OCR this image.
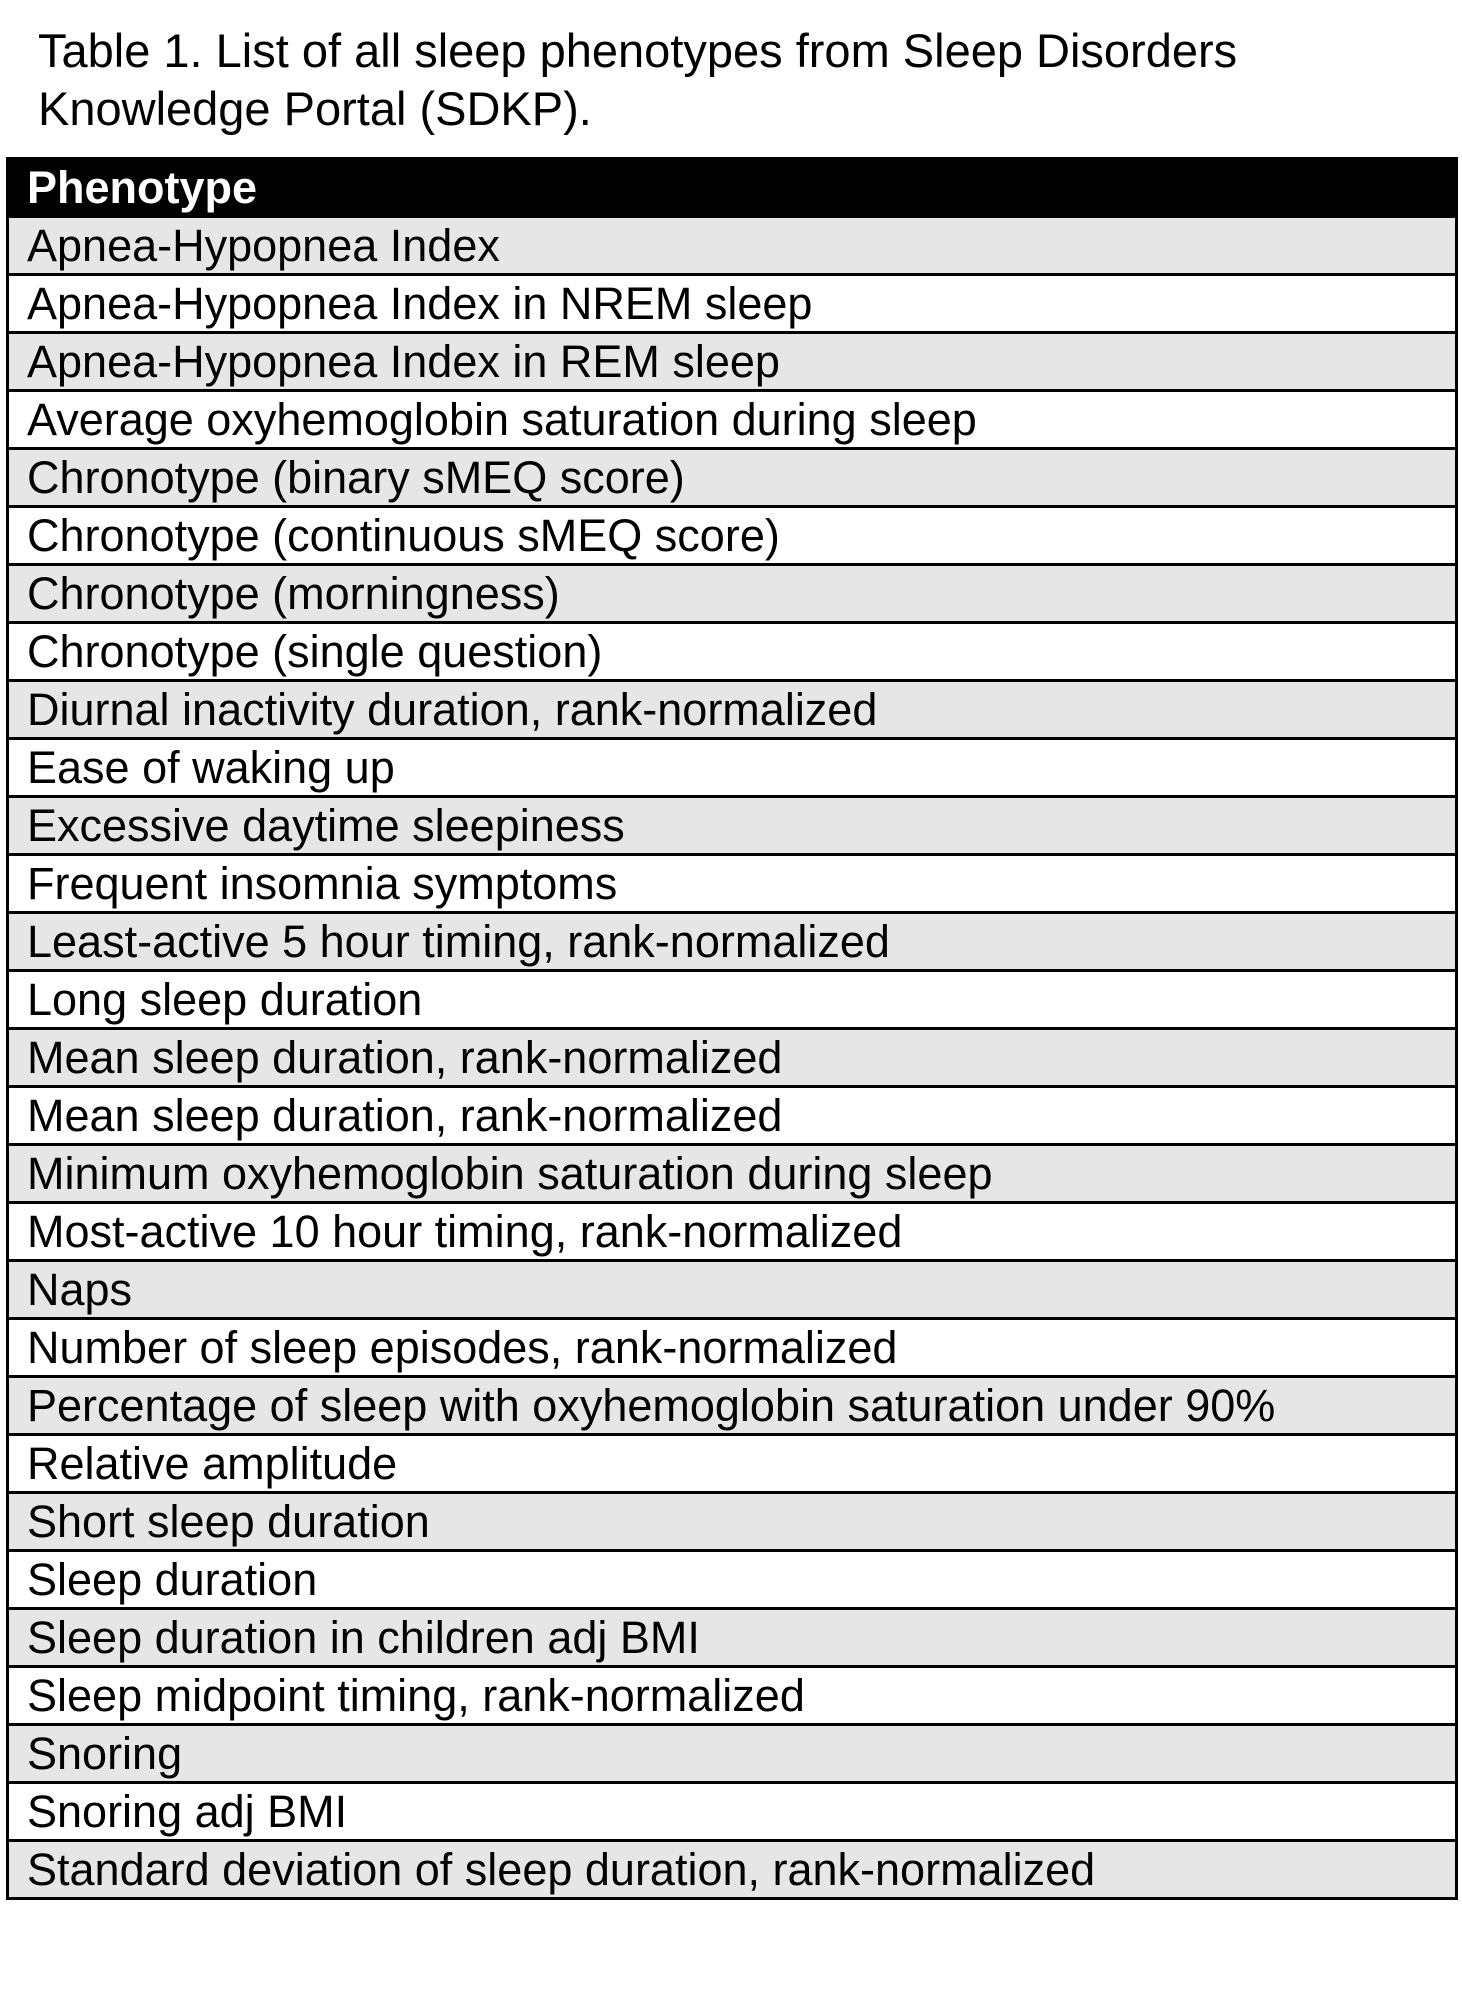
Table 1. List of all sleep phenotypes from Sleep Disorders Knowledge Portal (SDKP).

Phenotype
Apnea-Hypopnea Index
Apnea-Hypopnea Index in NREM sleep
Apnea-Hypopnea Index in REM sleep
Average oxyhemoglobin saturation during sleep
Chronotype (binary sMEQ score)
Chronotype (continuous sMEQ score)
Chronotype (morningness)
Chronotype (single question)
Diurnal inactivity duration, rank-normalized
Ease of waking up
Excessive daytime sleepiness
Frequent insomnia symptoms
Least-active 5 hour timing, rank-normalized
Long sleep duration
Mean sleep duration, rank-normalized
Mean sleep duration, rank-normalized
Minimum oxyhemoglobin saturation during sleep
Most-active 10 hour timing, rank-normalized
Naps
Number of sleep episodes, rank-normalized
Percentage of sleep with oxyhemoglobin saturation under 90%
Relative amplitude
Short sleep duration
Sleep duration
Sleep duration in children adj BMI
Sleep midpoint timing, rank-normalized
Snoring
Snoring adj BMI
Standard deviation of sleep duration, rank-normalized
